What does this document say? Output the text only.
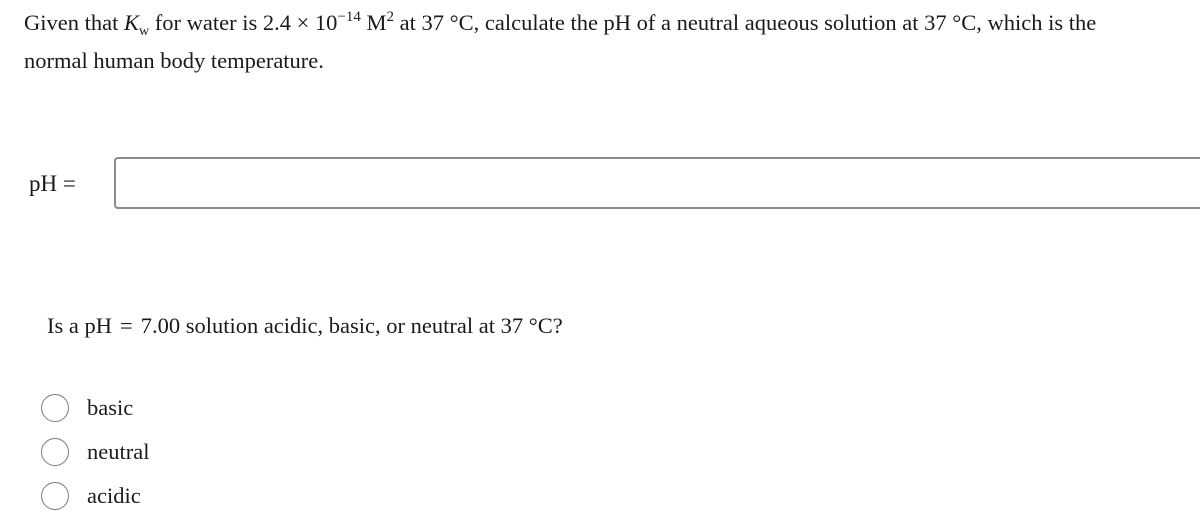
Given that $K_w$ for water is $2.4 \times 10^{-14}$ $M^2$ at 37 °C, calculate the pH of a neutral aqueous solution at 37 °C, which is the
normal human body temperature.
pH =
Is a pH = 7.00 solution acidic, basic, or neutral at 37 °C?
basic
neutral
acidic
